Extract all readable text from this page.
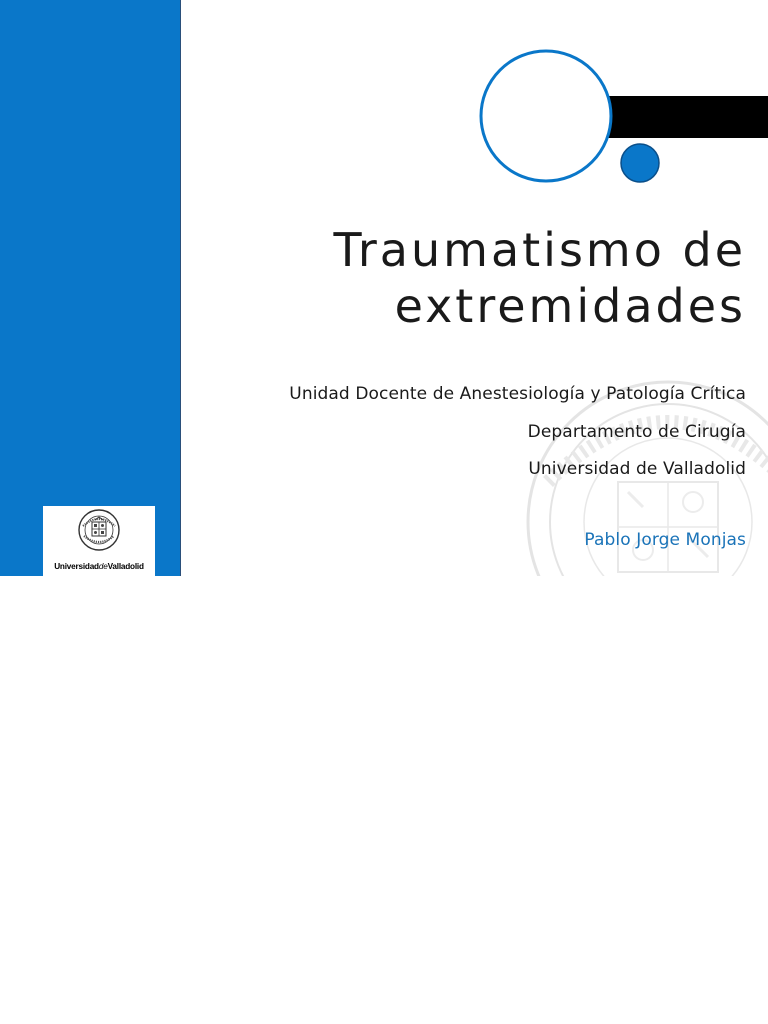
UniversidaddeValladolid
Traumatismo de
extremidades
Unidad Docente de Anestesiología y Patología Crítica
Departamento de Cirugía
Universidad de Valladolid
Pablo Jorge Monjas
